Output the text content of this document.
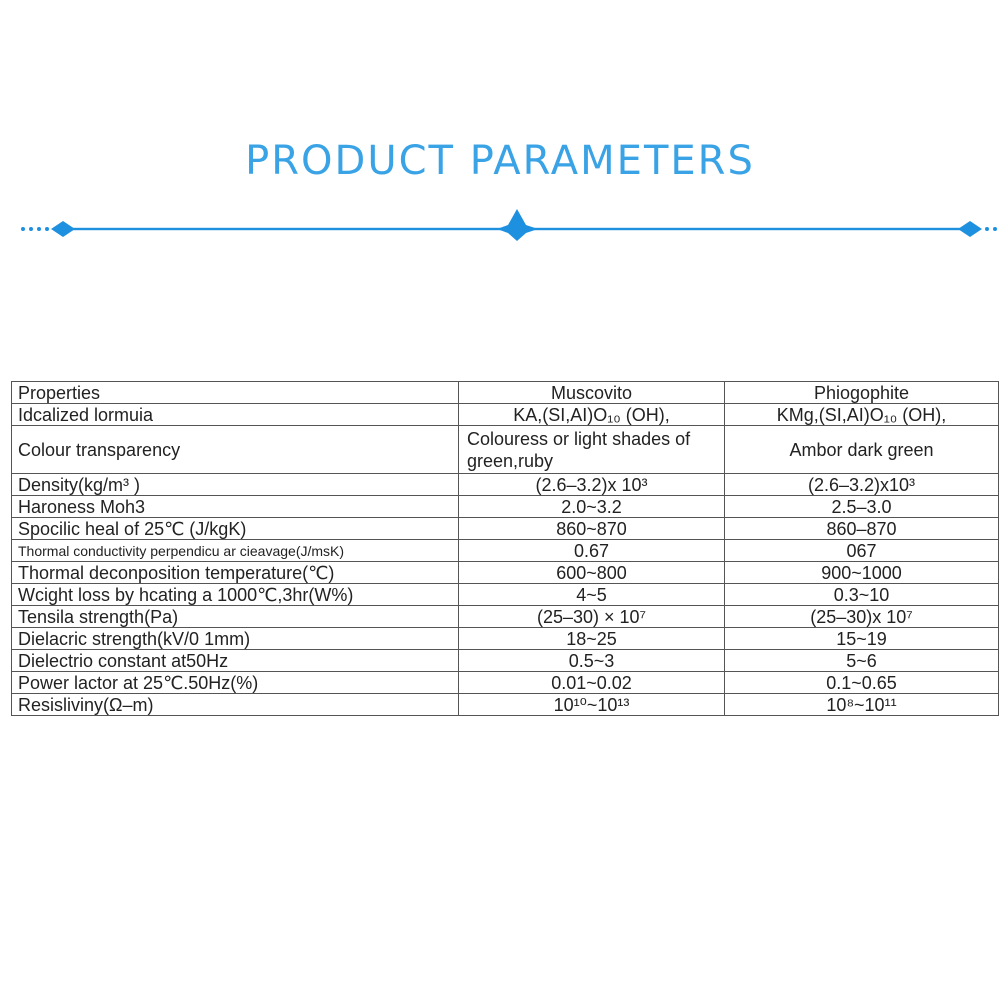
PRODUCT PARAMETERS
Properties	Muscovito	Phiogophite
Idcalized lormuia	KA,(SI,AI)O₁₀ (OH),	KMg,(SI,AI)O₁₀ (OH),
Colour transparency	Colouress or light shades of green,ruby	Ambor dark green
Density(kg/m³ )	(2.6–3.2)x 10³	(2.6–3.2)x10³
Haroness Moh3	2.0~3.2	2.5–3.0
Spocilic heal of 25℃ (J/kgK)	860~870	860–870
Thormal conductivity perpendicu ar cieavage(J/msK)	0.67	067
Thormal deconposition temperature(℃)	600~800	900~1000
Wcight loss by hcating a 1000℃,3hr(W%)	4~5	0.3~10
Tensila strength(Pa)	(25–30) × 10⁷	(25–30)x 10⁷
Dielacric strength(kV/0 1mm)	18~25	15~19
Dielectrio constant at50Hz	0.5~3	5~6
Power lactor at 25℃.50Hz(%)	0.01~0.02	0.1~0.65
Resisliviny(Ω–m)	10¹⁰~10¹³	10⁸~10¹¹
